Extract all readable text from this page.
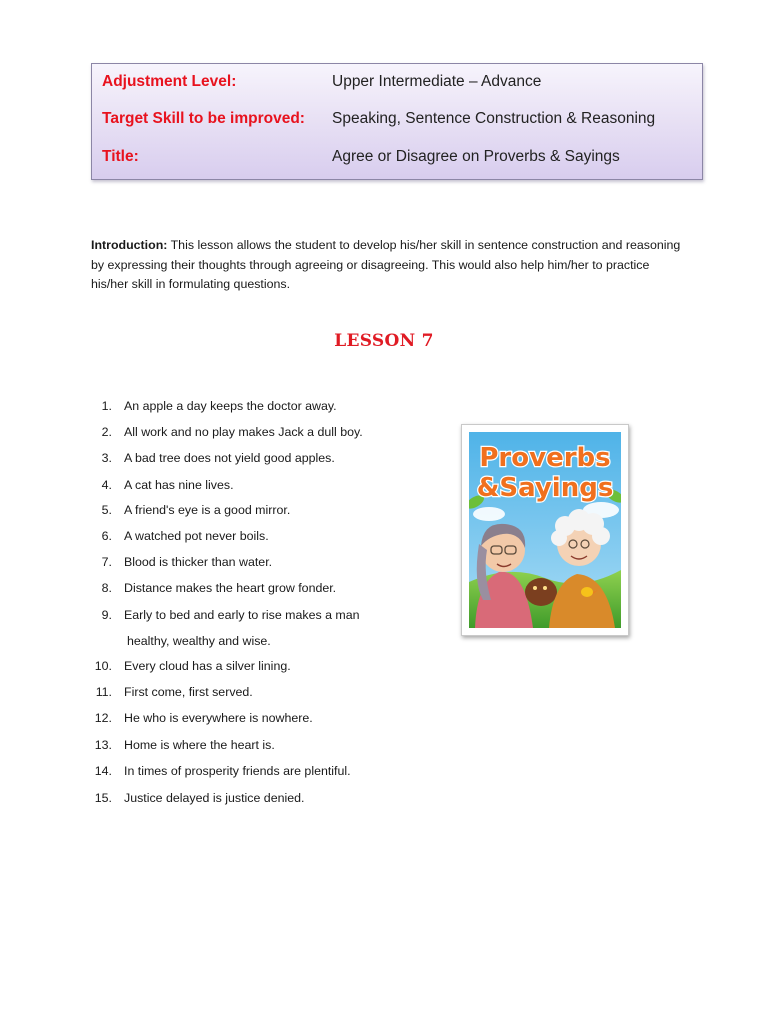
Adjustment Level:	Upper Intermediate – Advance
Target Skill to be improved: Speaking, Sentence Construction & Reasoning
Title:	Agree or Disagree on Proverbs & Sayings

Introduction: This lesson allows the student to develop his/her skill in sentence construction and reasoning by expressing their thoughts through agreeing or disagreeing. This would also help him/her to practice his/her skill in formulating questions.

LESSON 7
1. An apple a day keeps the doctor away.
2. All work and no play makes Jack a dull boy.
3. A bad tree does not yield good apples.
4. A cat has nine lives.
5. A friend's eye is a good mirror.
6. A watched pot never boils.
7. Blood is thicker than water.
8. Distance makes the heart grow fonder.
9. Early to bed and early to rise makes a man
healthy, wealthy and wise.
10. Every cloud has a silver lining.
11. First come, first served.
12. He who is everywhere is nowhere.
13. Home is where the heart is.
14. In times of prosperity friends are plentiful.
15. Justice delayed is justice denied.
Proverbs
&Sayings
